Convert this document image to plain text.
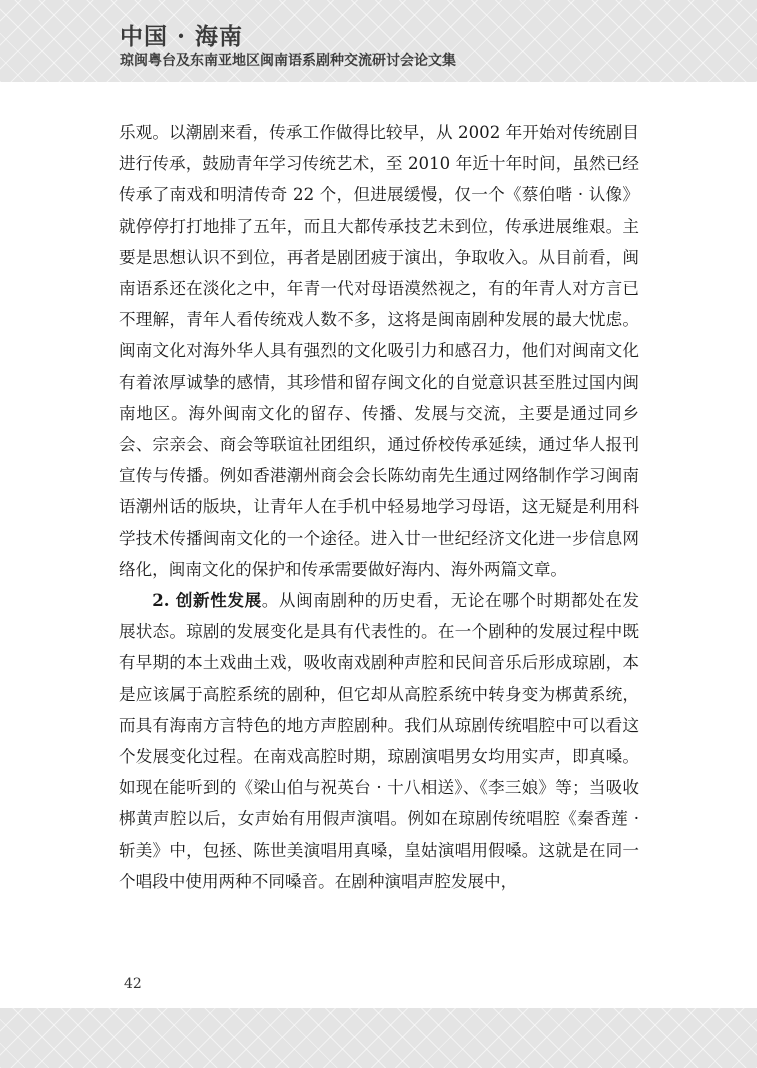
中国 · 海南
琼闽粤台及东南亚地区闽南语系剧种交流研讨会论文集

乐观。以潮剧来看，传承工作做得比较早，从 2002 年开始对传统剧目进行传承，鼓励青年学习传统艺术，至 2010 年近十年时间，虽然已经传承了南戏和明清传奇 22 个，但进展缓慢，仅一个《蔡伯喈 · 认像》就停停打打地排了五年，而且大都传承技艺未到位，传承进展维艰。主要是思想认识不到位，再者是剧团疲于演出，争取收入。从目前看，闽南语系还在淡化之中，年青一代对母语漠然视之，有的年青人对方言已不理解，青年人看传统戏人数不多，这将是闽南剧种发展的最大忧虑。闽南文化对海外华人具有强烈的文化吸引力和感召力，他们对闽南文化有着浓厚诚挚的感情，其珍惜和留存闽文化的自觉意识甚至胜过国内闽南地区。海外闽南文化的留存、传播、发展与交流，主要是通过同乡会、宗亲会、商会等联谊社团组织，通过侨校传承延续，通过华人报刊宣传与传播。例如香港潮州商会会长陈幼南先生通过网络制作学习闽南语潮州话的版块，让青年人在手机中轻易地学习母语，这无疑是利用科学技术传播闽南文化的一个途径。进入廿一世纪经济文化进一步信息网络化，闽南文化的保护和传承需要做好海内、海外两篇文章。

2. 创新性发展。从闽南剧种的历史看，无论在哪个时期都处在发展状态。琼剧的发展变化是具有代表性的。在一个剧种的发展过程中既有早期的本土戏曲土戏，吸收南戏剧种声腔和民间音乐后形成琼剧，本是应该属于高腔系统的剧种，但它却从高腔系统中转身变为梆黄系统，而具有海南方言特色的地方声腔剧种。我们从琼剧传统唱腔中可以看这个发展变化过程。在南戏高腔时期，琼剧演唱男女均用实声，即真嗓。如现在能听到的《梁山伯与祝英台 · 十八相送》、《李三娘》等；当吸收梆黄声腔以后，女声始有用假声演唱。例如在琼剧传统唱腔《秦香莲 · 斩美》中，包拯、陈世美演唱用真嗓，皇姑演唱用假嗓。这就是在同一个唱段中使用两种不同嗓音。在剧种演唱声腔发展中，

42
